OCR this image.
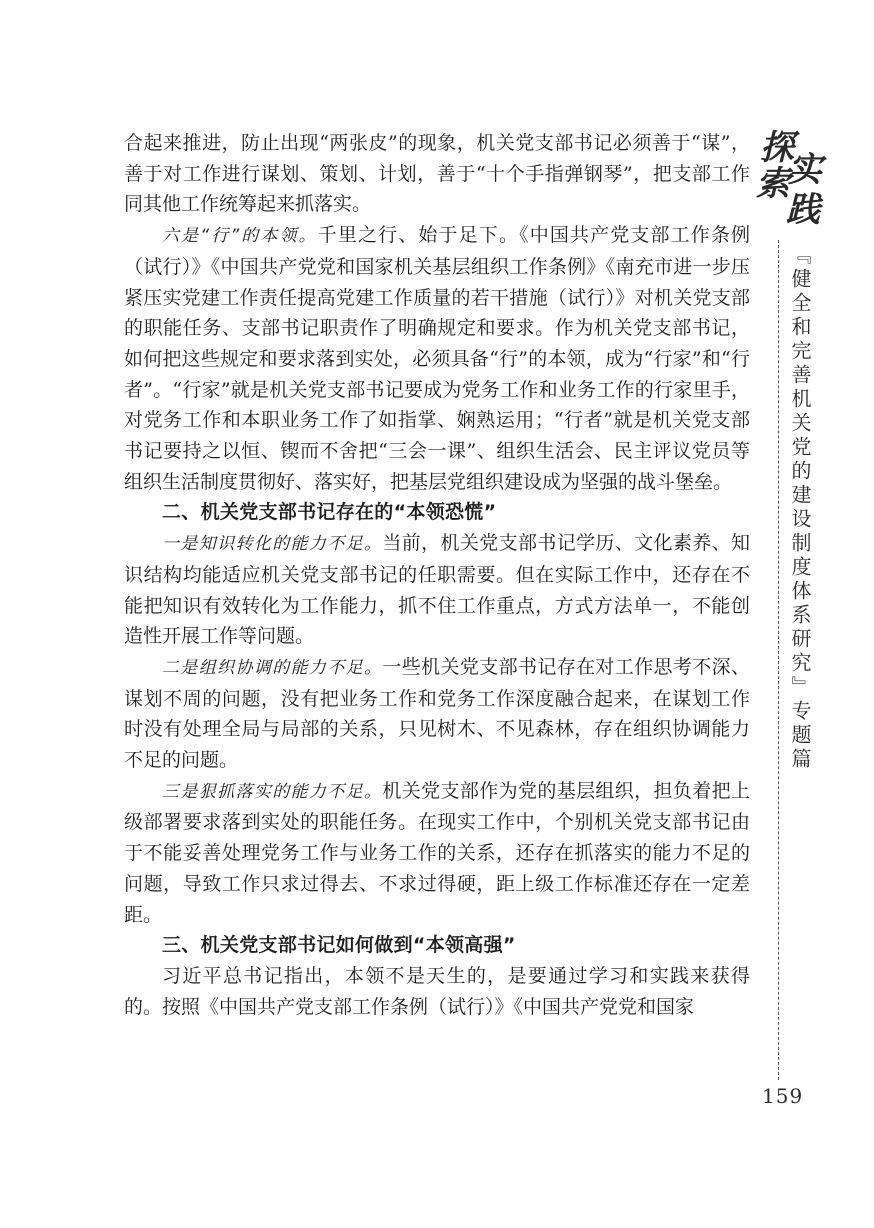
探
索
实
践
『健全和完善机关党的建设制度体系研究』专题篇

合起来推进，防止出现“两张皮”的现象，机关党支部书记必须善于“谋”，善于对工作进行谋划、策划、计划，善于“十个手指弹钢琴”，把支部工作同其他工作统筹起来抓落实。

六是“行”的本领。千里之行、始于足下。《中国共产党支部工作条例（试行）》《中国共产党党和国家机关基层组织工作条例》《南充市进一步压紧压实党建工作责任提高党建工作质量的若干措施（试行）》对机关党支部的职能任务、支部书记职责作了明确规定和要求。作为机关党支部书记，如何把这些规定和要求落到实处，必须具备“行”的本领，成为“行家”和“行者”。“行家”就是机关党支部书记要成为党务工作和业务工作的行家里手，对党务工作和本职业务工作了如指掌、娴熟运用；“行者”就是机关党支部书记要持之以恒、锲而不舍把“三会一课”、组织生活会、民主评议党员等组织生活制度贯彻好、落实好，把基层党组织建设成为坚强的战斗堡垒。

二、机关党支部书记存在的“本领恐慌”

一是知识转化的能力不足。当前，机关党支部书记学历、文化素养、知识结构均能适应机关党支部书记的任职需要。但在实际工作中，还存在不能把知识有效转化为工作能力，抓不住工作重点，方式方法单一，不能创造性开展工作等问题。

二是组织协调的能力不足。一些机关党支部书记存在对工作思考不深、谋划不周的问题，没有把业务工作和党务工作深度融合起来，在谋划工作时没有处理全局与局部的关系，只见树木、不见森林，存在组织协调能力不足的问题。

三是狠抓落实的能力不足。机关党支部作为党的基层组织，担负着把上级部署要求落到实处的职能任务。在现实工作中，个别机关党支部书记由于不能妥善处理党务工作与业务工作的关系，还存在抓落实的能力不足的问题，导致工作只求过得去、不求过得硬，距上级工作标准还存在一定差距。

三、机关党支部书记如何做到“本领高强”

习近平总书记指出，本领不是天生的，是要通过学习和实践来获得的。按照《中国共产党支部工作条例（试行）》《中国共产党党和国家

159
